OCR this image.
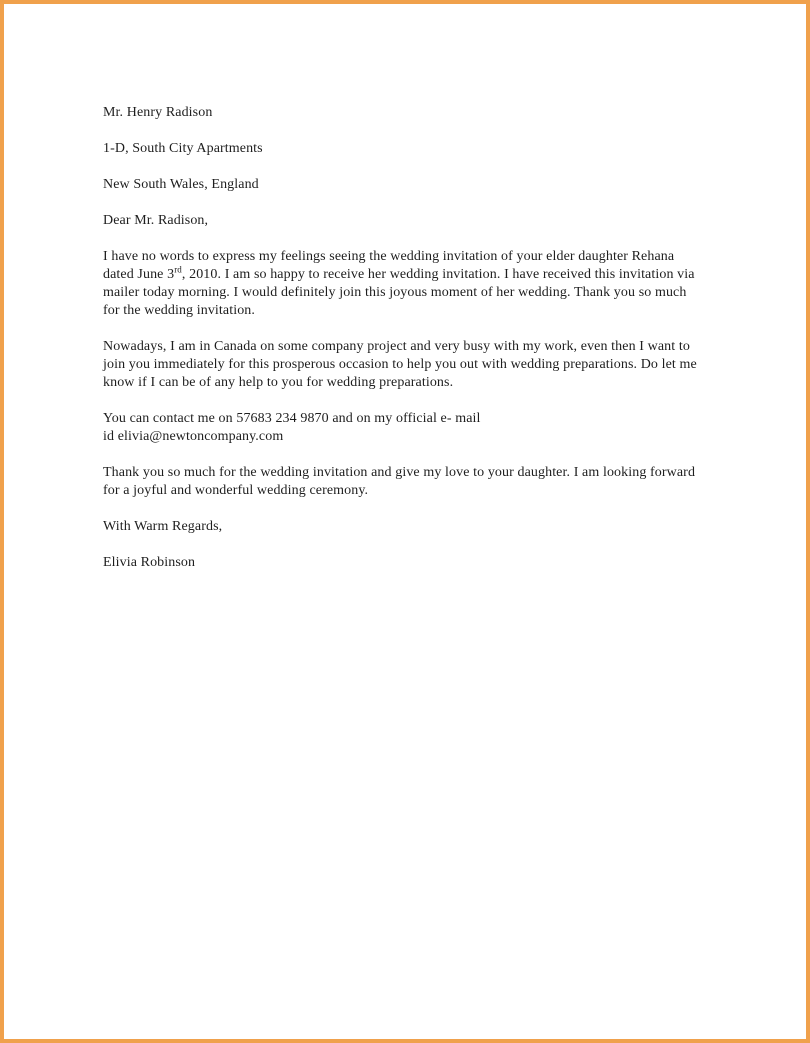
Mr. Henry Radison

1-D, South City Apartments

New South Wales, England

Dear Mr. Radison,

I have no words to express my feelings seeing the wedding invitation of your elder daughter Rehana dated June 3rd, 2010. I am so happy to receive her wedding invitation. I have received this invitation via mailer today morning. I would definitely join this joyous moment of her wedding. Thank you so much for the wedding invitation.

Nowadays, I am in Canada on some company project and very busy with my work, even then I want to join you immediately for this prosperous occasion to help you out with wedding preparations. Do let me know if I can be of any help to you for wedding preparations.

You can contact me on 57683 234 9870 and on my official e- mail
id elivia@newtoncompany.com

Thank you so much for the wedding invitation and give my love to your daughter. I am looking forward for a joyful and wonderful wedding ceremony.

With Warm Regards,

Elivia Robinson
